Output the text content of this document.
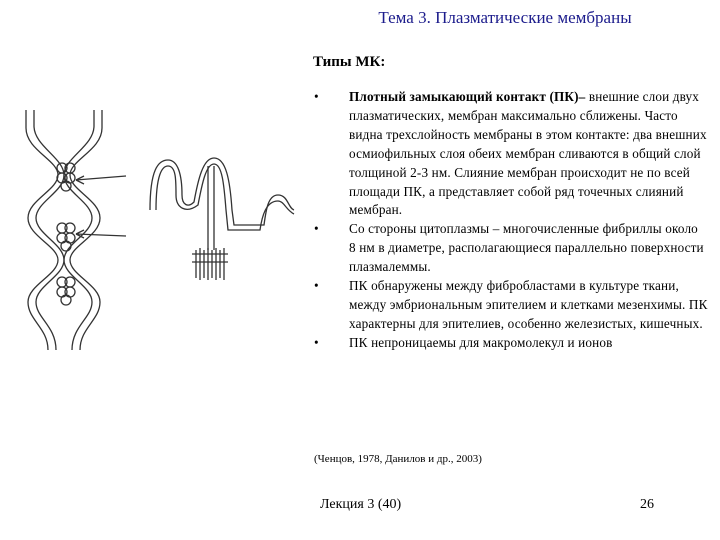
Тема 3. Плазматические мембраны
Типы МК:
•	Плотный замыкающий контакт (ПК)– внешние слои двух плазматических, мембран максимально сближены. Часто видна трехслойность мембраны в этом контакте: два внешних осмиофильных слоя обеих мембран сливаются в общий слой толщиной 2-3 нм. Слияние мембран происходит не по всей площади ПК, а представляет собой ряд точечных слияний мембран.
•	Со стороны цитоплазмы – многочисленные фибриллы около 8 нм в диаметре, располагающиеся параллельно поверхности плазмалеммы.
•	ПК обнаружены между фибробластами в культуре ткани, между эмбриональным эпителием и клетками мезенхимы. ПК характерны для эпителиев, особенно железистых, кишечных.
•	ПК непроницаемы для макромолекул и ионов
(Ченцов, 1978, Данилов и др., 2003)
Лекция 3 (40)	26
